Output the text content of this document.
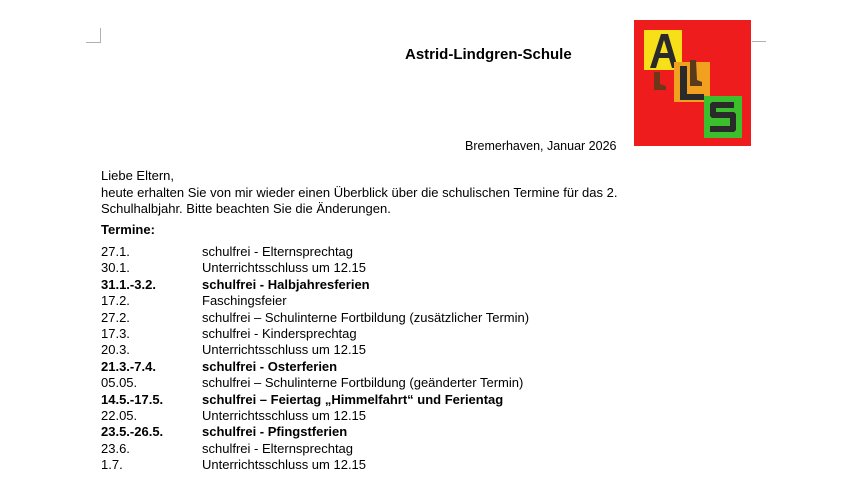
Astrid-Lindgren-Schule
Bremerhaven, Januar 2026

Liebe Eltern,

heute erhalten Sie von mir wieder einen Überblick über die schulischen Termine für das 2.

Schulhalbjahr. Bitte beachten Sie die Änderungen.

Termine:
27.1.	schulfrei - Elternsprechtag
30.1.	Unterrichtsschluss um 12.15
31.1.-3.2.	schulfrei - Halbjahresferien
17.2.	Faschingsfeier
27.2.	schulfrei – Schulinterne Fortbildung (zusätzlicher Termin)
17.3.	schulfrei - Kindersprechtag
20.3.	Unterrichtsschluss um 12.15
21.3.-7.4.	schulfrei - Osterferien
05.05.	schulfrei – Schulinterne Fortbildung (geänderter Termin)
14.5.-17.5.	schulfrei – Feiertag „Himmelfahrt“ und Ferientag
22.05.	Unterrichtsschluss um 12.15
23.5.-26.5.	schulfrei - Pfingstferien
23.6.	schulfrei - Elternsprechtag
1.7.	Unterrichtsschluss um 12.15
